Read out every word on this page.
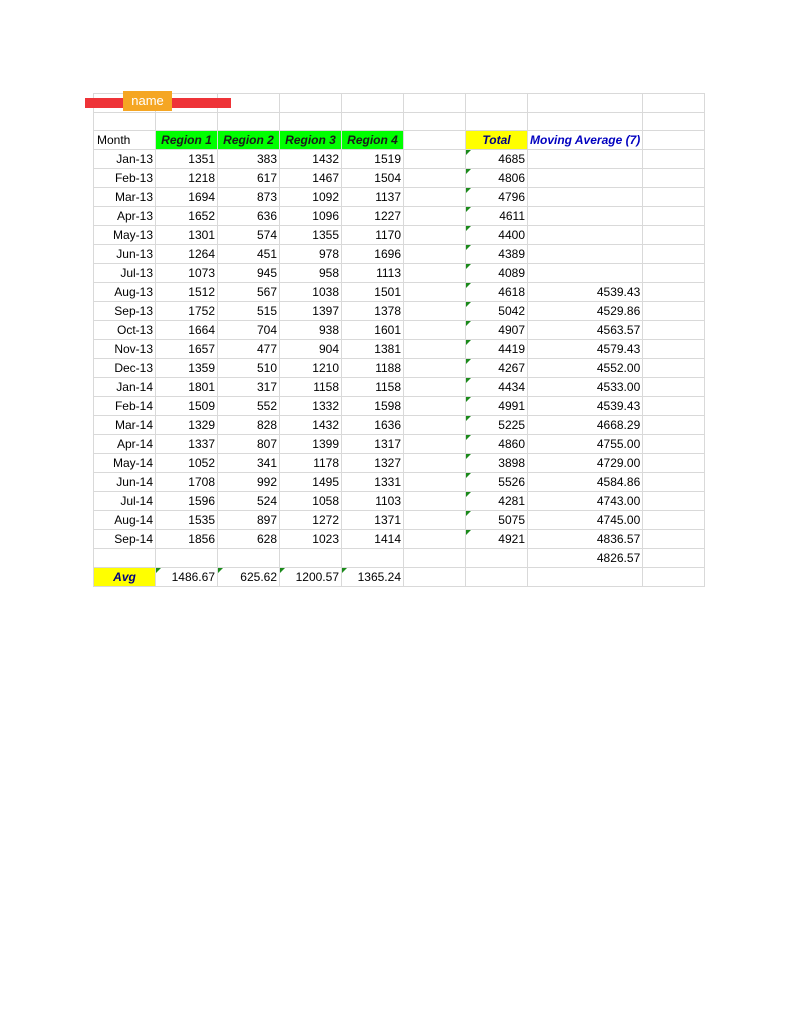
Month	Region 1	Region 2	Region 3	Region 4		Total	Moving Average (7)	
Jan-13	1351	383	1432	1519		4685		
Feb-13	1218	617	1467	1504		4806		
Mar-13	1694	873	1092	1137		4796		
Apr-13	1652	636	1096	1227		4611		
May-13	1301	574	1355	1170		4400		
Jun-13	1264	451	978	1696		4389		
Jul-13	1073	945	958	1113		4089		
Aug-13	1512	567	1038	1501		4618	4539.43	
Sep-13	1752	515	1397	1378		5042	4529.86	
Oct-13	1664	704	938	1601		4907	4563.57	
Nov-13	1657	477	904	1381		4419	4579.43	
Dec-13	1359	510	1210	1188		4267	4552.00	
Jan-14	1801	317	1158	1158		4434	4533.00	
Feb-14	1509	552	1332	1598		4991	4539.43	
Mar-14	1329	828	1432	1636		5225	4668.29	
Apr-14	1337	807	1399	1317		4860	4755.00	
May-14	1052	341	1178	1327		3898	4729.00	
Jun-14	1708	992	1495	1331		5526	4584.86	
Jul-14	1596	524	1058	1103		4281	4743.00	
Aug-14	1535	897	1272	1371		5075	4745.00	
Sep-14	1856	628	1023	1414		4921	4836.57	
							4826.57	
Avg	1486.67	625.62	1200.57	1365.24				
name
